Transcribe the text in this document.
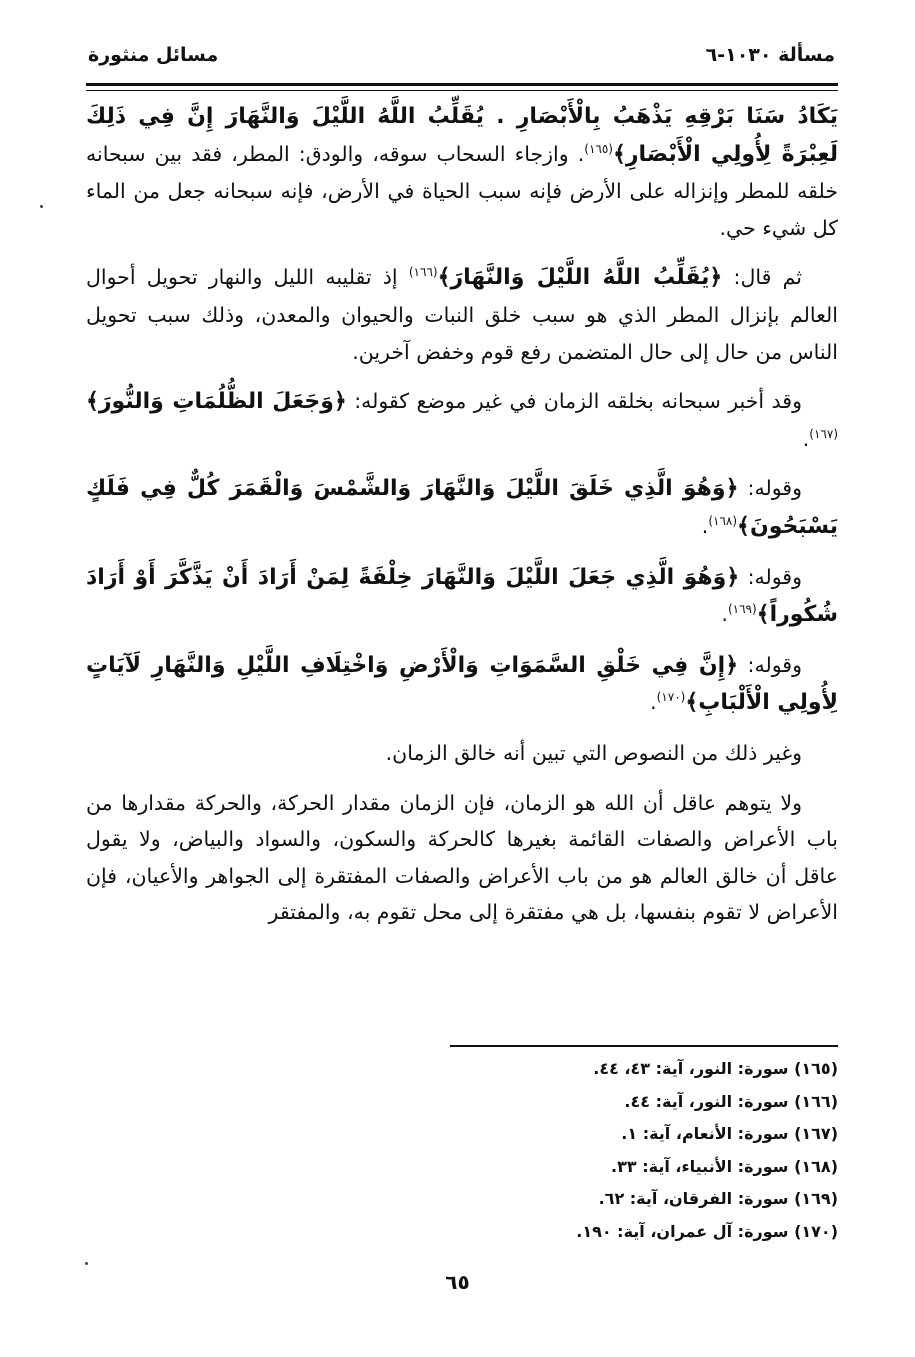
مسألة ١٠٣٠-٦
مسائل منثورة

يَكَادُ سَنَا بَرْقِهِ يَذْهَبُ بِالْأَبْصَارِ . يُقَلِّبُ اللَّهُ اللَّيْلَ وَالنَّهَارَ إِنَّ فِي ذَلِكَ لَعِبْرَةً لِأُولِي الْأَبْصَارِ﴾$^{(١٦٥)}$. وازجاء السحاب سوقه، والودق: المطر، فقد بين سبحانه خلقه للمطر وإنزاله على الأرض فإنه سبب الحياة في الأرض، فإنه سبحانه جعل من الماء كل شيء حي.

ثم قال: ﴿يُقَلِّبُ اللَّهُ اللَّيْلَ وَالنَّهَارَ﴾$^{(١٦٦)}$ إذ تقليبه الليل والنهار تحويل أحوال العالم بإنزال المطر الذي هو سبب خلق النبات والحيوان والمعدن، وذلك سبب تحويل الناس من حال إلى حال المتضمن رفع قوم وخفض آخرين.

وقد أخبر سبحانه بخلقه الزمان في غير موضع كقوله: ﴿وَجَعَلَ الظُّلُمَاتِ وَالنُّورَ﴾$^{(١٦٧)}$.

وقوله: ﴿وَهُوَ الَّذِي خَلَقَ اللَّيْلَ وَالنَّهَارَ وَالشَّمْسَ وَالْقَمَرَ كُلٌّ فِي فَلَكٍ يَسْبَحُونَ﴾$^{(١٦٨)}$.

وقوله: ﴿وَهُوَ الَّذِي جَعَلَ اللَّيْلَ وَالنَّهَارَ خِلْفَةً لِمَنْ أَرَادَ أَنْ يَذَّكَّرَ أَوْ أَرَادَ شُكُوراً﴾$^{(١٦٩)}$.

وقوله: ﴿إِنَّ فِي خَلْقِ السَّمَوَاتِ وَالْأَرْضِ وَاخْتِلَافِ اللَّيْلِ وَالنَّهَارِ لَآيَاتٍ لِأُولِي الْأَلْبَابِ﴾$^{(١٧٠)}$.

وغير ذلك من النصوص التي تبين أنه خالق الزمان.

ولا يتوهم عاقل أن الله هو الزمان، فإن الزمان مقدار الحركة، والحركة مقدارها من باب الأعراض والصفات القائمة بغيرها كالحركة والسكون، والسواد والبياض، ولا يقول عاقل أن خالق العالم هو من باب الأعراض والصفات المفتقرة إلى الجواهر والأعيان، فإن الأعراض لا تقوم بنفسها، بل هي مفتقرة إلى محل تقوم به، والمفتقر

(١٦٥) سورة: النور، آية: ٤٣، ٤٤.
(١٦٦) سورة: النور، آية: ٤٤.
(١٦٧) سورة: الأنعام، آية: ١.
(١٦٨) سورة: الأنبياء، آية: ٣٣.
(١٦٩) سورة: الفرقان، آية: ٦٢.
(١٧٠) سورة: آل عمران، آية: ١٩٠.
٦٥
